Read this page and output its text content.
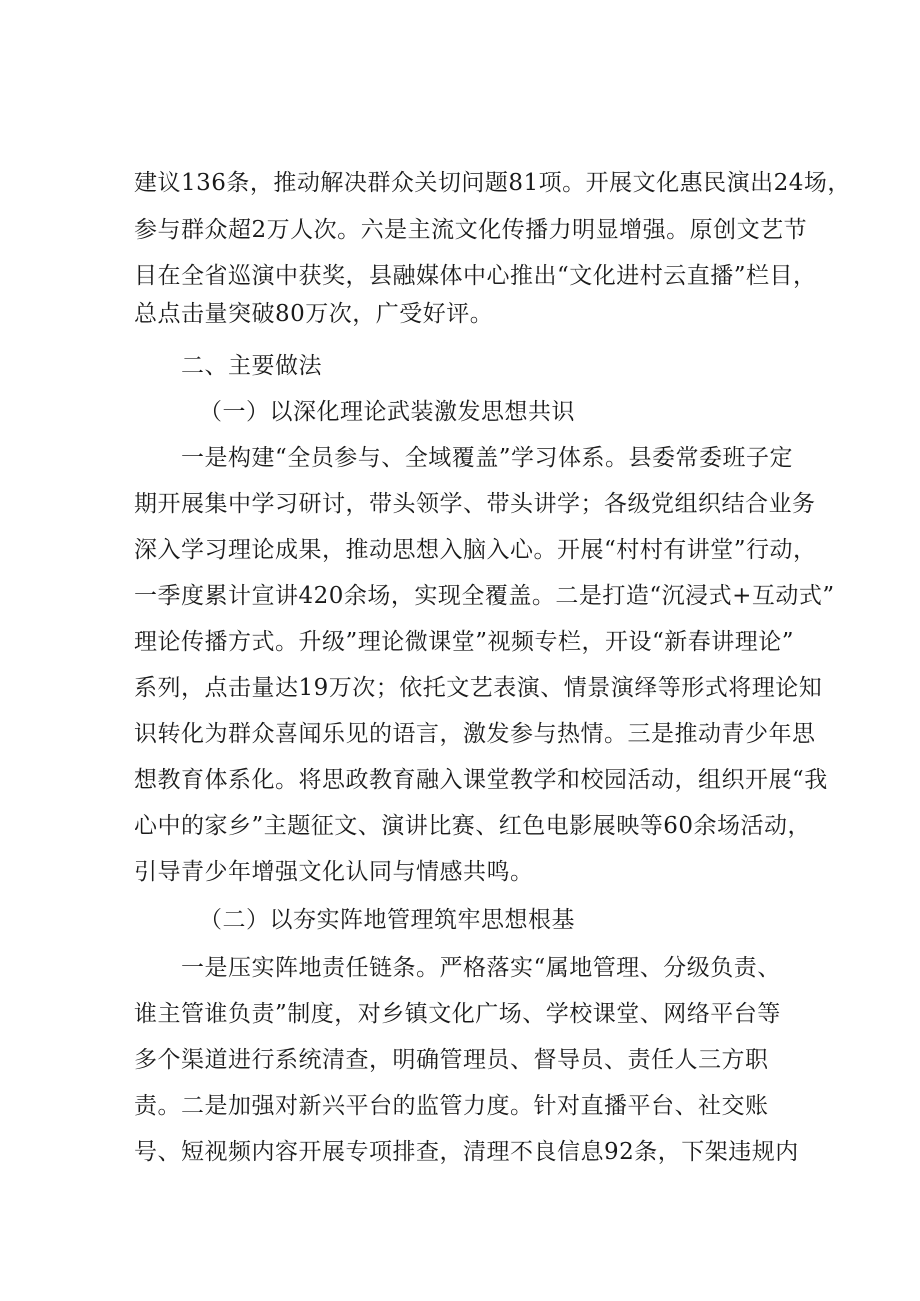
建议136条，推动解决群众关切问题81项。开展文化惠民演出24场，
参与群众超2万人次。六是主流文化传播力明显增强。原创文艺节
目在全省巡演中获奖，县融媒体中心推出“文化进村云直播”栏目，
总点击量突破80万次，广受好评。
二、主要做法
（一）以深化理论武装激发思想共识
一是构建“全员参与、全域覆盖”学习体系。县委常委班子定
期开展集中学习研讨，带头领学、带头讲学；各级党组织结合业务
深入学习理论成果，推动思想入脑入心。开展“村村有讲堂”行动，
一季度累计宣讲420余场，实现全覆盖。二是打造“沉浸式+互动式”
理论传播方式。升级”理论微课堂”视频专栏，开设“新春讲理论”
系列，点击量达19万次；依托文艺表演、情景演绎等形式将理论知
识转化为群众喜闻乐见的语言，激发参与热情。三是推动青少年思
想教育体系化。将思政教育融入课堂教学和校园活动，组织开展“我
心中的家乡”主题征文、演讲比赛、红色电影展映等60余场活动，
引导青少年增强文化认同与情感共鸣。
（二）以夯实阵地管理筑牢思想根基
一是压实阵地责任链条。严格落实“属地管理、分级负责、
谁主管谁负责”制度，对乡镇文化广场、学校课堂、网络平台等
多个渠道进行系统清查，明确管理员、督导员、责任人三方职
责。二是加强对新兴平台的监管力度。针对直播平台、社交账
号、短视频内容开展专项排查，清理不良信息92条，下架违规内
